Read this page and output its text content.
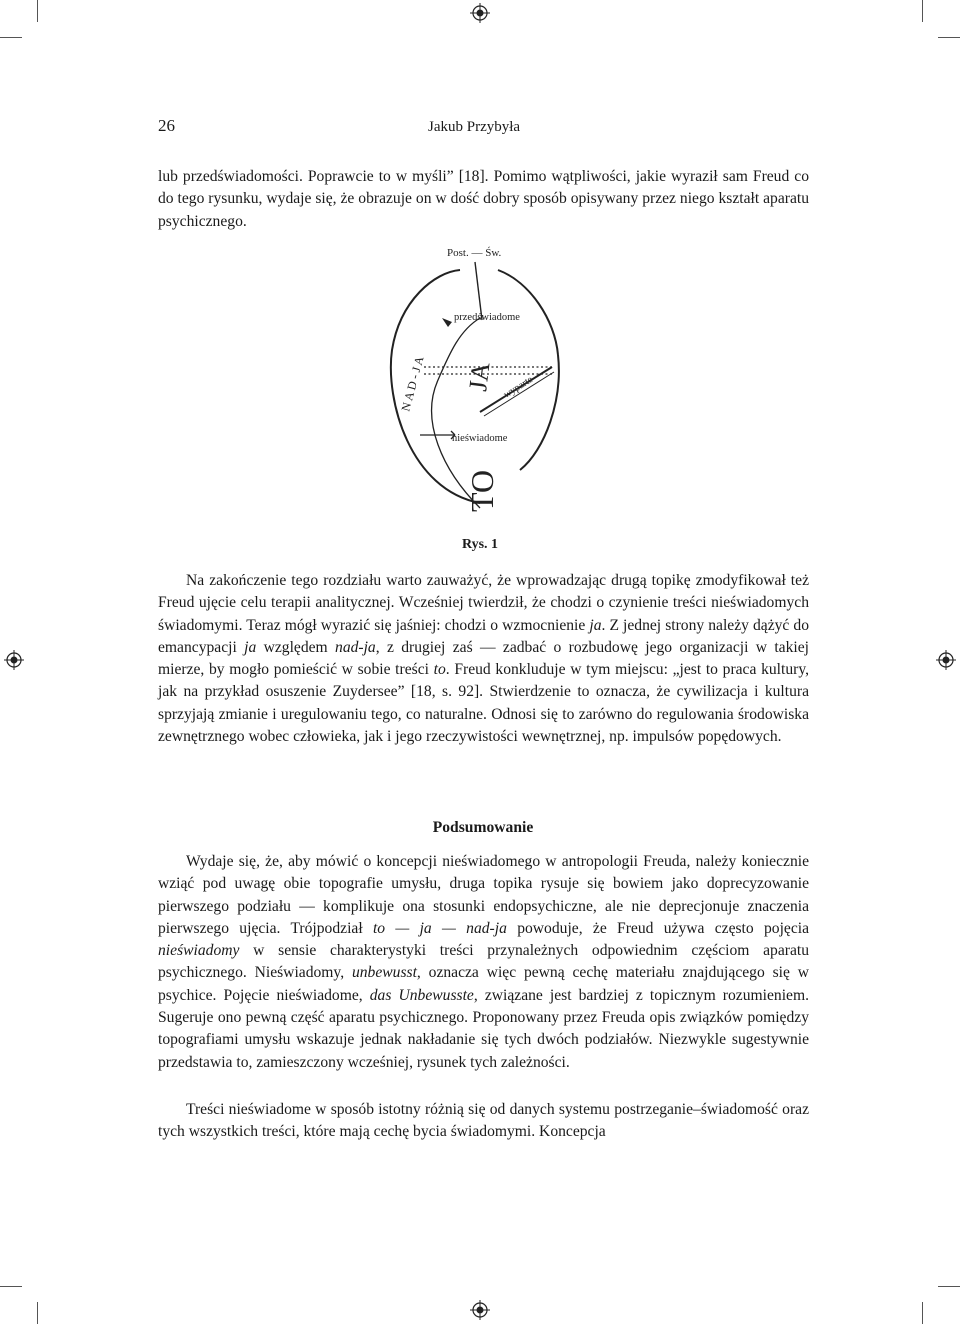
26	Jakub Przybyła

lub przedświadomości. Poprawcie to w myśli” [18]. Pomimo wątpliwości, jakie wyraził sam Freud co do tego rysunku, wydaje się, że obrazuje on w dość dobry sposób opisywany przez niego kształt aparatu psychicznego.

Post. — Św.
przedświadome
N A D - J A JA wyparte
nieświadome
TO
Rys. 1

Na zakończenie tego rozdziału warto zauważyć, że wprowadzając drugą topikę zmodyfikował też Freud ujęcie celu terapii analitycznej. Wcześniej twierdził, że chodzi o czynienie treści nieświadomych świadomymi. Teraz mógł wyrazić się jaśniej: chodzi o wzmocnienie ja. Z jednej strony należy dążyć do emancypacji ja względem nad-ja, z drugiej zaś — zadbać o rozbudowę jego organizacji w takiej mierze, by mogło pomieścić w sobie treści to. Freud konkluduje w tym miejscu: „jest to praca kultury, jak na przykład osuszenie Zuydersee” [18, s. 92]. Stwierdzenie to oznacza, że cywilizacja i kultura sprzyjają zmianie i uregulowaniu tego, co naturalne. Odnosi się to zarówno do regulowania środowiska zewnętrznego wobec człowieka, jak i jego rzeczywistości wewnętrznej, np. impulsów popędowych.

Podsumowanie

Wydaje się, że, aby mówić o koncepcji nieświadomego w antropologii Freuda, należy koniecznie wziąć pod uwagę obie topografie umysłu, druga topika rysuje się bowiem jako doprecyzowanie pierwszego podziału — komplikuje ona stosunki endopsychiczne, ale nie deprecjonuje znaczenia pierwszego ujęcia. Trójpodział to — ja — nad-ja powoduje, że Freud używa często pojęcia nieświadomy w sensie charakterystyki treści przynależnych odpowiednim częściom aparatu psychicznego. Nieświadomy, unbewusst, oznacza więc pewną cechę materiału znajdującego się w psychice. Pojęcie nieświadome, das Unbewusste, związane jest bardziej z topicznym rozumieniem. Sugeruje ono pewną część aparatu psychicznego. Proponowany przez Freuda opis związków pomiędzy topografiami umysłu wskazuje jednak nakładanie się tych dwóch podziałów. Niezwykle sugestywnie przedstawia to, zamieszczony wcześniej, rysunek tych zależności.

Treści nieświadome w sposób istotny różnią się od danych systemu postrzeganie–świadomość oraz tych wszystkich treści, które mają cechę bycia świadomymi. Koncepcja
